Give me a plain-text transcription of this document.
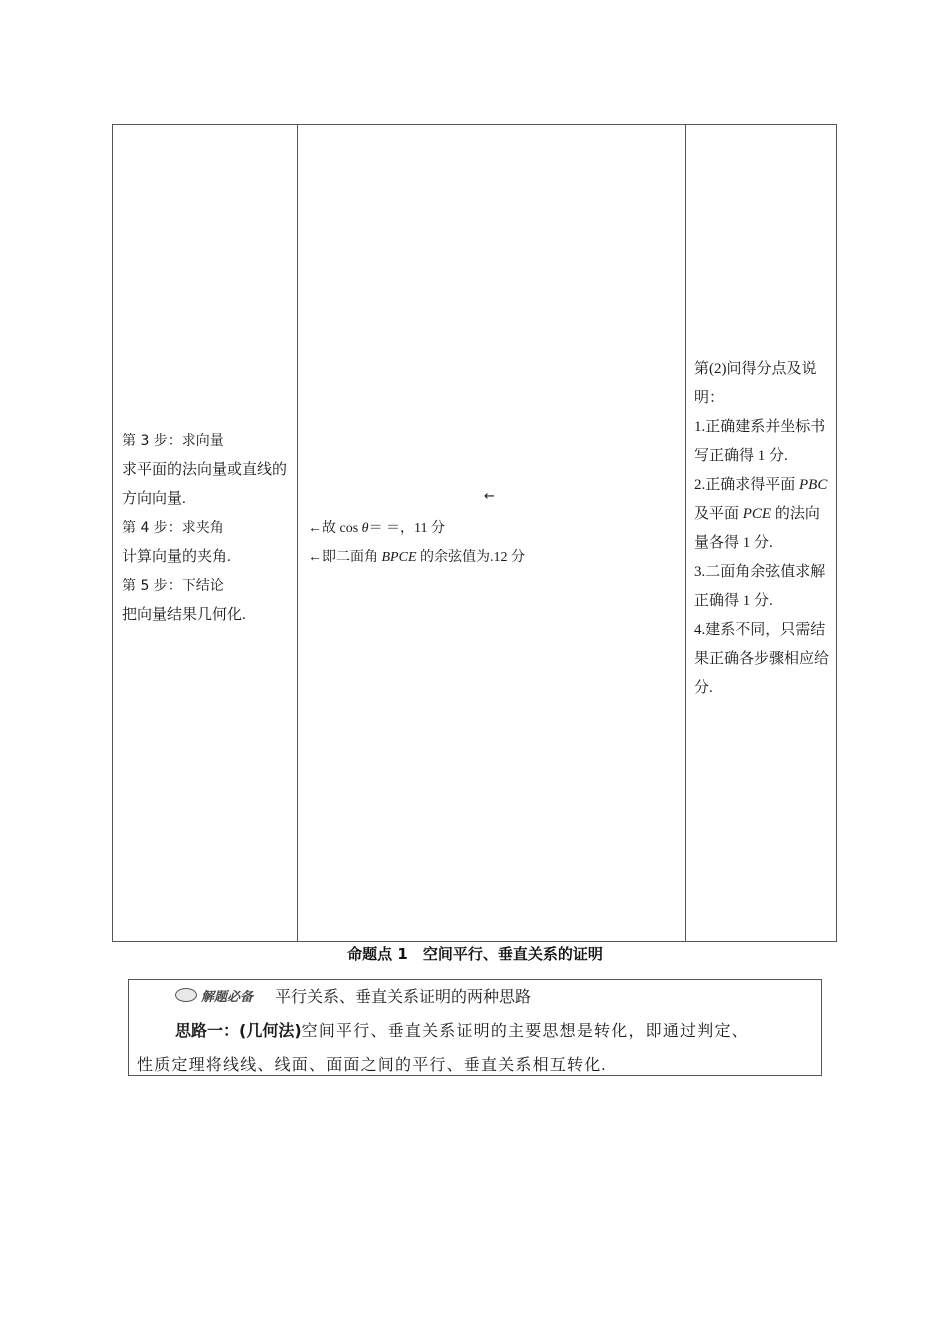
第 3 步：求向量
求平面的法向量或直线的方向向量.
第 4 步：求夹角
计算向量的夹角.
第 5 步：下结论
把向量结果几何化.
←
←故 cos θ＝ ＝，11 分
←即二面角 BPCE 的余弦值为.12 分
第(2)问得分点及说明：
1.正确建系并坐标书写正确得 1 分.
2.正确求得平面 PBC 及平面 PCE 的法向量各得 1 分.
3.二面角余弦值求解正确得 1 分.
4.建系不同，只需结果正确各步骤相应给分.
命题点 1　空间平行、垂直关系的证明
解题必备 平行关系、垂直关系证明的两种思路
思路一：(几何法)空间平行、垂直关系证明的主要思想是转化，即通过判定、
性质定理将线线、线面、面面之间的平行、垂直关系相互转化.
